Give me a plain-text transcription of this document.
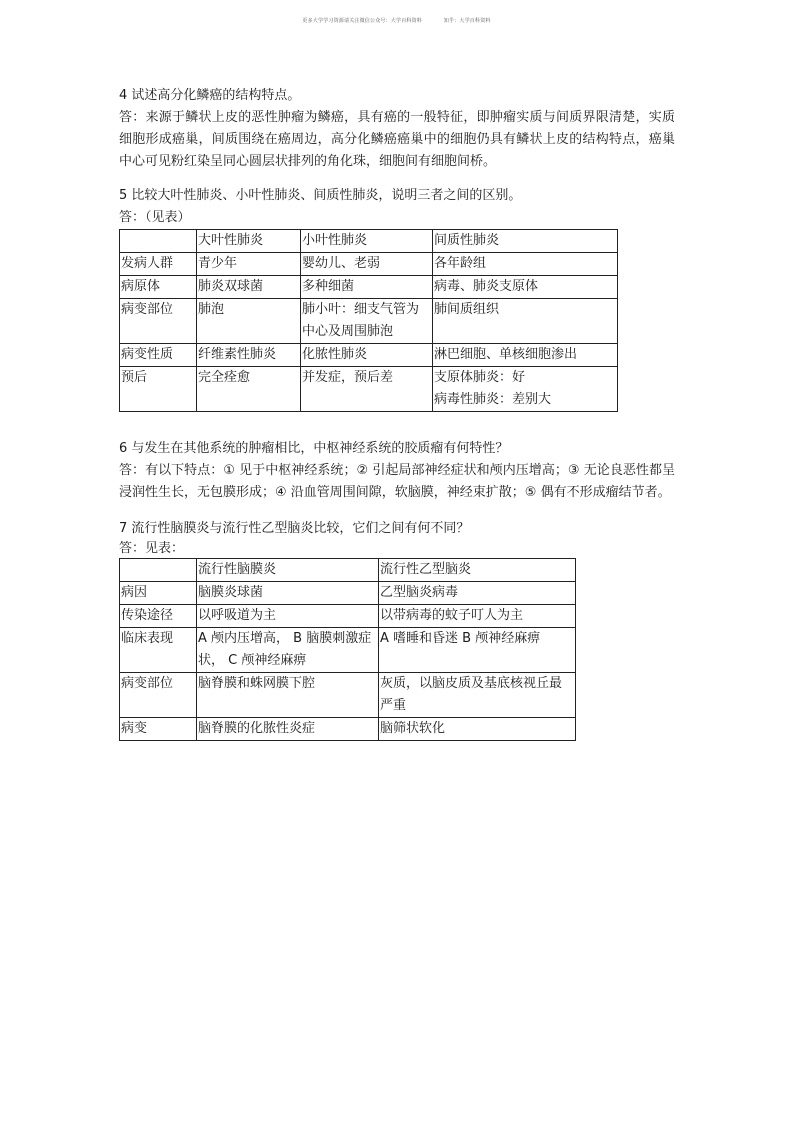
更多大学学习资源请关注微信公众号：大学百科资料	知乎：大学百科资料

4 试述高分化鳞癌的结构特点。

答：来源于鳞状上皮的恶性肿瘤为鳞癌，具有癌的一般特征，即肿瘤实质与间质界限清楚，实质细胞形成癌巢，间质围绕在癌周边，高分化鳞癌癌巢中的细胞仍具有鳞状上皮的结构特点，癌巢中心可见粉红染呈同心圆层状排列的角化珠，细胞间有细胞间桥。

5 比较大叶性肺炎、小叶性肺炎、间质性肺炎，说明三者之间的区别。

答：（见表）

	大叶性肺炎	小叶性肺炎	间质性肺炎
发病人群	青少年	婴幼儿、老弱	各年龄组
病原体	肺炎双球菌	多种细菌	病毒、肺炎支原体
病变部位	肺泡	肺小叶：细支气管为中心及周围肺泡	肺间质组织
病变性质	纤维素性肺炎	化脓性肺炎	淋巴细胞、单核细胞渗出
预后	完全痊愈	并发症，预后差	支原体肺炎：好
病毒性肺炎：差别大

6 与发生在其他系统的肿瘤相比，中枢神经系统的胶质瘤有何特性？

答：有以下特点：① 见于中枢神经系统；② 引起局部神经症状和颅内压增高；③ 无论良恶性都呈浸润性生长，无包膜形成；④ 沿血管周围间隙，软脑膜，神经束扩散；⑤ 偶有不形成瘤结节者。

7 流行性脑膜炎与流行性乙型脑炎比较，它们之间有何不同？

答：见表：

	流行性脑膜炎	流行性乙型脑炎
病因	脑膜炎球菌	乙型脑炎病毒
传染途径	以呼吸道为主	以带病毒的蚊子叮人为主
临床表现	A 颅内压增高， B 脑膜刺激症状， C 颅神经麻痹	A 嗜睡和昏迷 B 颅神经麻痹
病变部位	脑脊膜和蛛网膜下腔	灰质，以脑皮质及基底核视丘最严重
病变	脑脊膜的化脓性炎症	脑筛状软化
